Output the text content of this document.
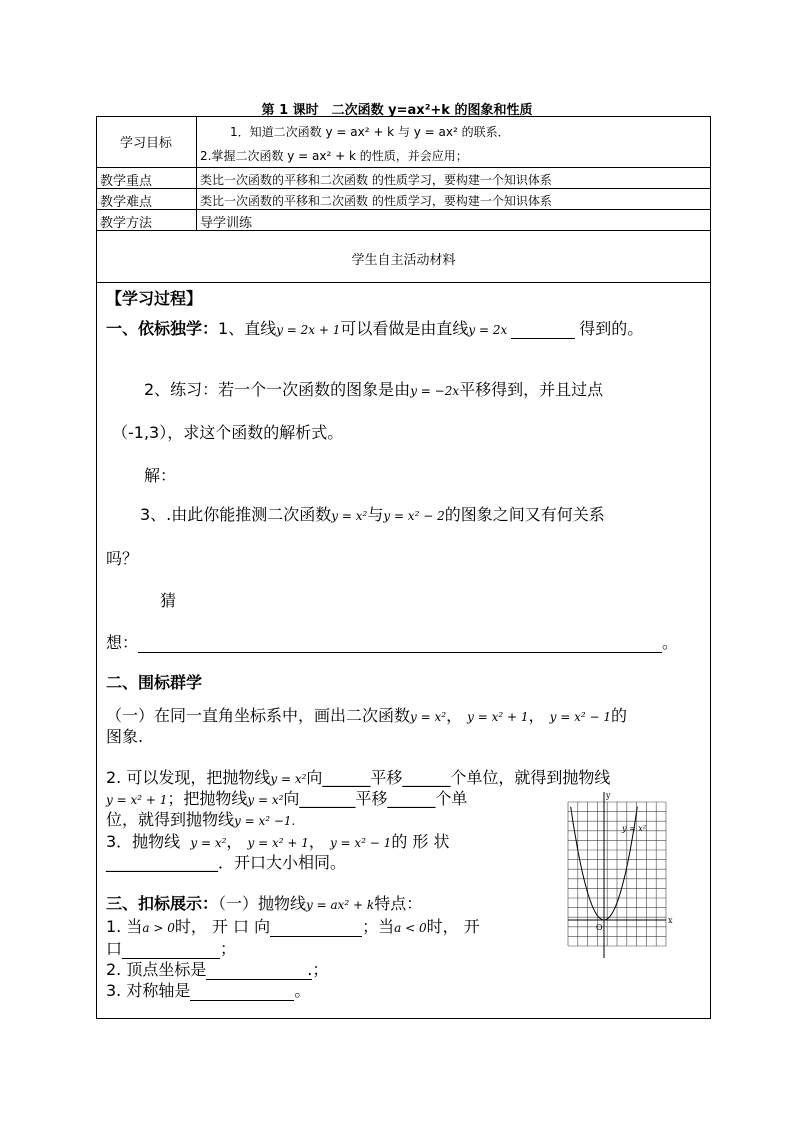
第 1 课时　二次函数 y=ax²+k 的图象和性质
学习目标
1．知道二次函数 y = ax² + k 与 y = ax² 的联系．
2.掌握二次函数 y = ax² + k 的性质，并会应用；
教学重点	类比一次函数的平移和二次函数 的性质学习，要构建一个知识体系
教学难点	类比一次函数的平移和二次函数 的性质学习，要构建一个知识体系
教学方法	导学训练
学生自主活动材料
【学习过程】
一、依标独学：1、直线y = 2x + 1可以看做是由直线y = 2x	得到的。
2、练习：若一个一次函数的图象是由y = −2x平移得到，并且过点
（-1,3），求这个函数的解析式。
解：
3、.由此你能推测二次函数y = x²与y = x² − 2的图象之间又有何关系
吗？
猜
想：	。
二、围标群学
（一）在同一直角坐标系中，画出二次函数y = x²， y = x² + 1， y = x² − 1的
图象.
2. 可以发现，把抛物线y = x²向______平移______个单位，就得到抛物线
y = x² + 1；把抛物线y = x²向_______平移______个单
位，就得到抛物线y = x² −1.
3．抛物线 y = x²， y = x² + 1， y = x² − 1的 形 状
______________．开口大小相同。
三、扣标展示：（一）抛物线y = ax² + k特点：
1. 当a > 0时， 开 口 向	；当a < 0时， 开
口	；
2. 顶点坐标是	.；
3. 对称轴是	。
y
x
y = x²
O
